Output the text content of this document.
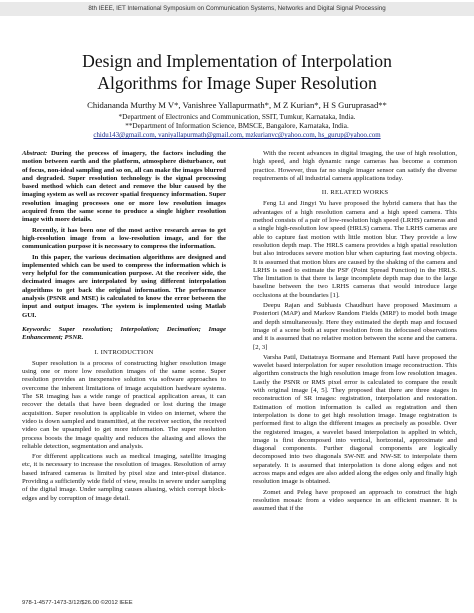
8th IEEE, IET International Symposium on Communication Systems, Networks and Digital Signal Processing
Design and Implementation of Interpolation
Algorithms for Image Super Resolution
Chidananda Murthy M V*, Vanishree Yallapurmath*, M Z Kurian*, H S Guruprasad**
*Department of Electronics and Communication, SSIT, Tumkur, Karnataka, India.
**Department of Information Science, BMSCE, Bangalore, Karnataka, India.
chidu143@gmail.com, vaniyallapurmath@gmail.com, mzkurianvc@yahoo.com, hs_gurup@yahoo.com

Abstract: During the process of imagery, the factors including the motion between earth and the platform, atmosphere disturbance, out of focus, non-ideal sampling and so on, all can make the images blurred and degraded. Super resolution technology is the signal processing based method which can detect and remove the blur caused by the imaging system as well as recover spatial frequency information. Super resolution imaging processes one or more low resolution images acquired from the same scene to produce a single higher resolution image with more details.

Recently, it has been one of the most active research areas to get high-resolution image from a low-resolution image, and for the communication purpose it is necessary to compress the information.

In this paper, the various decimation algorithms are designed and implemented which can be used to compress the information which is very helpful for the communication purpose. At the receiver side, the decimated images are interpolated by using different interpolation algorithms to get back the original information. The performance analysis (PSNR and MSE) is calculated to know the error between the input and output images. The system is implemented using Matlab GUI.

Keywords: Super resolution; Interpolation; Decimation; Image Enhancement; PSNR.

I. INTRODUCTION

Super resolution is a process of constructing higher resolution image using one or more low resolution images of the same scene. Super resolution provides an inexpensive solution via software approaches to overcome the inherent limitations of image acquisition hardware systems. The SR imaging has a wide range of practical application areas, it can recover the details that have been degraded or lost during the image acquisition. Super resolution is applicable in video on internet, where the video is down sampled and transmitted, at the receiver section, the received video can be upsampled to get more information. The super resolution process boosts the image quality and reduces the aliasing and allows the reliable detection, segmentation and analysis.

For different applications such as medical imaging, satellite imaging etc, it is necessary to increase the resolution of images. Resolution of array based infrared cameras is limited by pixel size and inter-pixel distance. Providing a sufficiently wide field of view, results in severe under sampling of the digital image. Under sampling causes aliasing, which corrupt block-edges and by corruption of image detail.

With the recent advances in digital imaging, the use of high resolution, high speed, and high dynamic range cameras has become a common practice. However, thus far no single imager sensor can satisfy the diverse requirements of all industrial camera applications today.

II. RELATED WORKS

Feng Li and Jingyi Yu have proposed the hybrid camera that has the advantages of a high resolution camera and a high speed camera. This method consists of a pair of low-resolution high speed (LRHS) cameras and a single high-resolution low speed (HRLS) camera. The LRHS cameras are able to capture fast motion with little motion blur. They provide a low resolution depth map. The HRLS camera provides a high spatial resolution but also introduces severe motion blur when capturing fast moving objects. It is assumed that motion blurs are caused by the shaking of the camera and LRHS is used to estimate the PSF (Point Spread Function) in the HRLS. The limitation is that there is large incomplete depth map due to the large baseline between the two LRHS cameras that would introduce large occlusions at the boundaries [1].

Deepu Rajan and Subhasis Chaudhuri have proposed Maximum a Posteriori (MAP) and Markov Random Fields (MRF) to model both image and depth simultaneously. Here they estimated the depth map and focused image of a scene both at super resolution from its defocused observations and it is assumed that no relative motion between the scene and the camera. [2, 3]

Varsha Patil, Dattatraya Bormane and Hemant Patil have proposed the wavelet based interpolation for super resolution image reconstruction. This algorithm constructs the high resolution image from low resolution images. Lastly the PSNR or RMS pixel error is calculated to compare the result with original image [4, 5]. They proposed that there are three stages in reconstruction of SR images: registration, interpolation and restoration. Estimation of motion information is called as registration and then interpolation is done to get high resolution image. Image registration is performed first to align the different images as precisely as possible. Over the registered images, a wavelet based interpolation is applied in which, image is first decomposed into vertical, horizontal, approximate and diagonal components. Further diagonal components are logically decomposed into two diagonals SW-NE and NW-SE to interpolate them separately. It is assumed that interpolation is done along edges and not across maps and edges are also added along the edges only and finally high resolution image is obtained.

Zomet and Peleg have proposed an approach to construct the high resolution mosaic from a video sequence in an efficient manner. It is assumed that if the

978-1-4577-1473-3/12/$26.00 ©2012 IEEE
